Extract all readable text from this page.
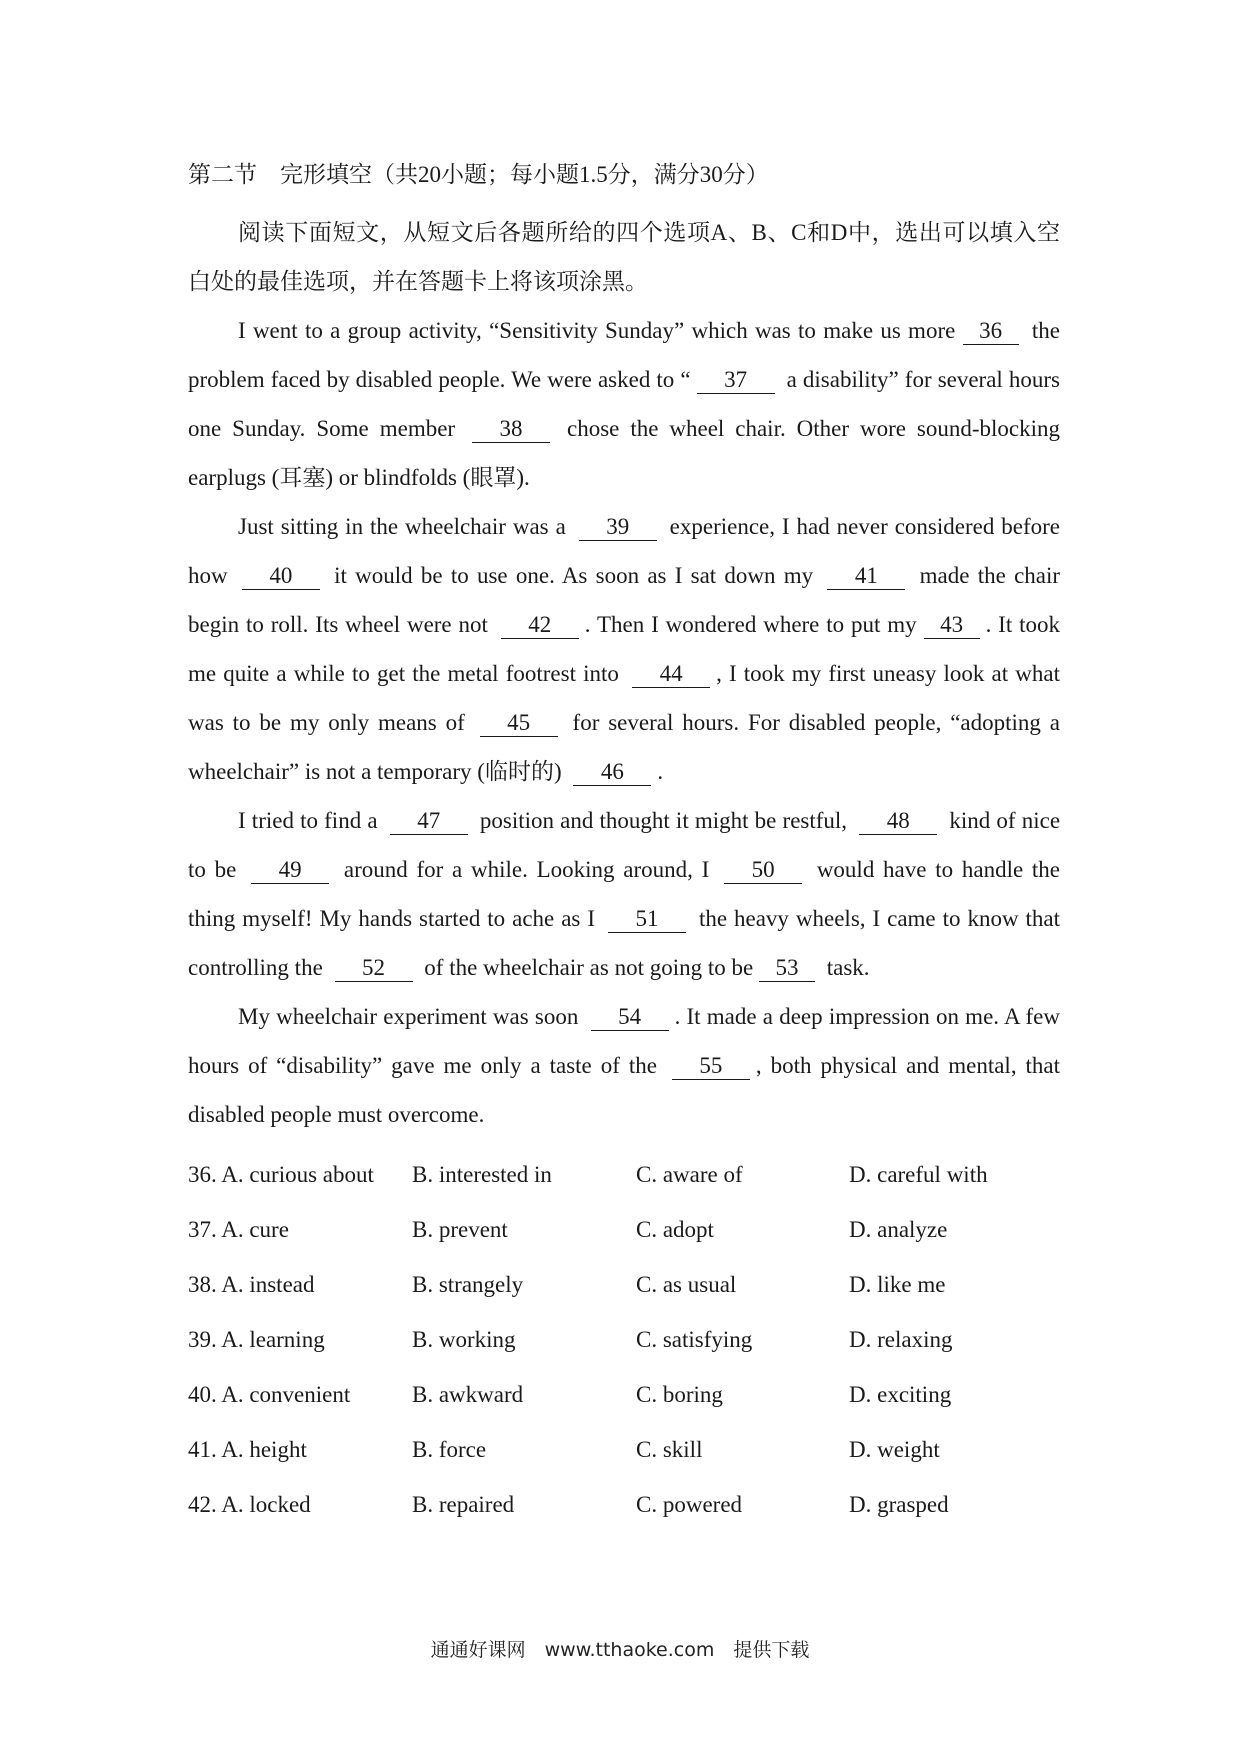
第二节　完形填空（共20小题；每小题1.5分，满分30分）

阅读下面短文，从短文后各题所给的四个选项A、B、C和D中，选出可以填入空白处的最佳选项，并在答题卡上将该项涂黑。

I went to a group activity, “Sensitivity Sunday” which was to make us more 36 the problem faced by disabled people. We were asked to “ 37 a disability” for several hours one Sunday. Some member 38 chose the wheel chair. Other wore sound-blocking earplugs (耳塞) or blindfolds (眼罩).

Just sitting in the wheelchair was a 39 experience, I had never considered before how 40 it would be to use one. As soon as I sat down my 41 made the chair begin to roll. Its wheel were not 42 . Then I wondered where to put my 43 . It took me quite a while to get the metal footrest into 44 , I took my first uneasy look at what was to be my only means of 45 for several hours. For disabled people, “adopting a wheelchair” is not a temporary (临时的) 46 .

I tried to find a 47 position and thought it might be restful, 48 kind of nice to be 49 around for a while. Looking around, I 50 would have to handle the thing myself! My hands started to ache as I 51 the heavy wheels, I came to know that controlling the 52 of the wheelchair as not going to be 53 task.

My wheelchair experiment was soon 54 . It made a deep impression on me. A few hours of “disability” gave me only a taste of the 55 , both physical and mental, that disabled people must overcome.

36. A. curious about	B. interested in	C. aware of	D. careful with
37. A. cure	B. prevent	C. adopt	D. analyze
38. A. instead	B. strangely	C. as usual	D. like me
39. A. learning	B. working	C. satisfying	D. relaxing
40. A. convenient	B. awkward	C. boring	D. exciting
41. A. height	B. force	C. skill	D. weight
42. A. locked	B. repaired	C. powered	D. grasped
通通好课网　www.tthaoke.com　提供下载
